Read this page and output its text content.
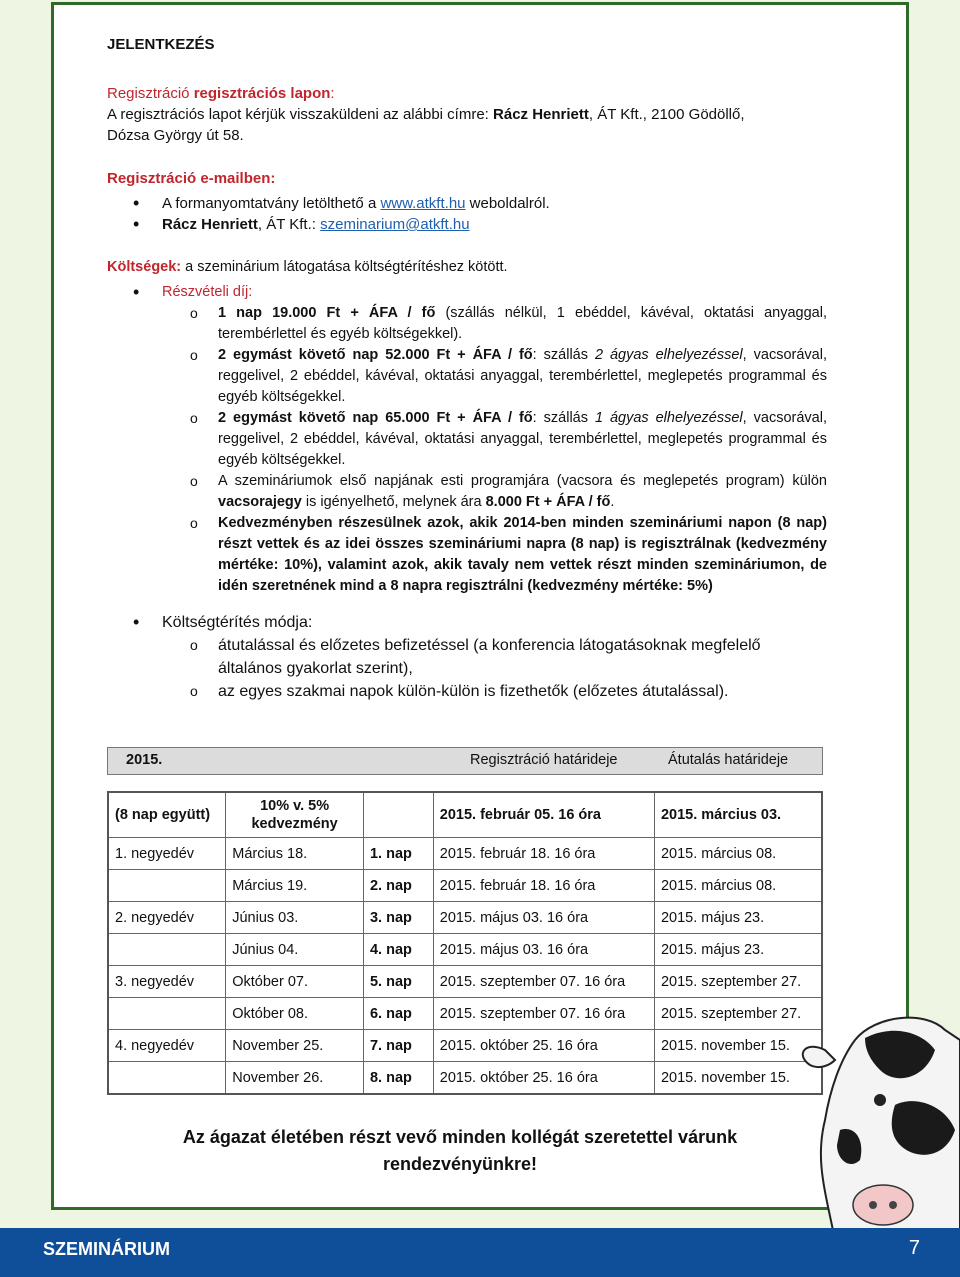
JELENTKEZÉS

Regisztráció regisztrációs lapon:

A regisztrációs lapot kérjük visszaküldeni az alábbi címre: Rácz Henriett, ÁT Kft., 2100 Gödöllő,

Dózsa György út 58.

Regisztráció e-mailben:

• A formanyomtatvány letölthető a www.atkft.hu weboldalról.
• Rácz Henriett, ÁT Kft.: szeminarium@atkft.hu

Költségek: a szeminárium látogatása költségtérítéshez kötött.

• Részvételi díj:
o 1 nap 19.000 Ft + ÁFA / fő (szállás nélkül, 1 ebéddel, kávéval, oktatási anyaggal, terembérlettel és egyéb költségekkel).
o 2 egymást követő nap 52.000 Ft + ÁFA / fő: szállás 2 ágyas elhelyezéssel, vacsorával, reggelivel, 2 ebéddel, kávéval, oktatási anyaggal, terembérlettel, meglepetés programmal és egyéb költségekkel.
o 2 egymást követő nap 65.000 Ft + ÁFA / fő: szállás 1 ágyas elhelyezéssel, vacsorával, reggelivel, 2 ebéddel, kávéval, oktatási anyaggal, terembérlettel, meglepetés programmal és egyéb költségekkel.
o A szemináriumok első napjának esti programjára (vacsora és meglepetés program) külön vacsorajegy is igényelhető, melynek ára 8.000 Ft + ÁFA / fő.
o Kedvezményben részesülnek azok, akik 2014-ben minden szemináriumi napon (8 nap) részt vettek és az idei összes szemináriumi napra (8 nap) is regisztrálnak (kedvezmény mértéke: 10%), valamint azok, akik tavaly nem vettek részt minden szemináriumon, de idén szeretnének mind a 8 napra regisztrálni (kedvezmény mértéke: 5%)
• Költségtérítés módja:
o átutalással és előzetes befizetéssel (a konferencia látogatásoknak megfelelő általános gyakorlat szerint),
o az egyes szakmai napok külön-külön is fizethetők (előzetes átutalással).
2015.	Regisztráció határideje	Átutalás határideje
(8 nap együtt)	10% v. 5% kedvezmény		2015. február 05. 16 óra	2015. március 03.
1. negyedév	Március 18.	1. nap	2015. február 18. 16 óra	2015. március 08.
	Március 19.	2. nap	2015. február 18. 16 óra	2015. március 08.
2. negyedév	Június 03.	3. nap	2015. május 03. 16 óra	2015. május 23.
	Június 04.	4. nap	2015. május 03. 16 óra	2015. május 23.
3. negyedév	Október 07.	5. nap	2015. szeptember 07. 16 óra	2015. szeptember 27.
	Október 08.	6. nap	2015. szeptember 07. 16 óra	2015. szeptember 27.
4. negyedév	November 25.	7. nap	2015. október 25. 16 óra	2015. november 15.
	November 26.	8. nap	2015. október 25. 16 óra	2015. november 15.
Az ágazat életében részt vevő minden kollégát szeretettel várunk rendezvényünkre!
SZEMINÁRIUM	7
